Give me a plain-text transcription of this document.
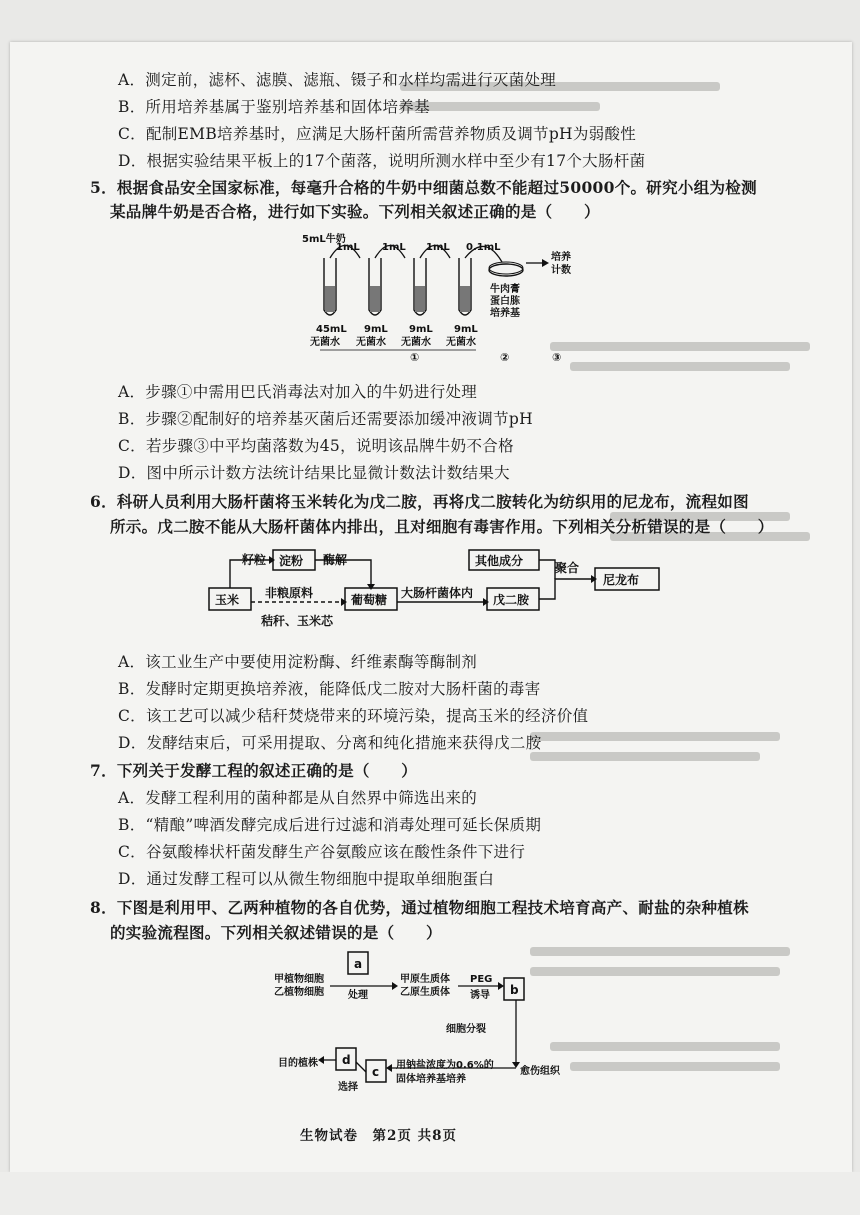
A．测定前，滤杯、滤膜、滤瓶、镊子和水样均需进行灭菌处理
B．所用培养基属于鉴别培养基和固体培养基
C．配制EMB培养基时，应满足大肠杆菌所需营养物质及调节pH为弱酸性
D．根据实验结果平板上的17个菌落，说明所测水样中至少有17个大肠杆菌
5．根据食品安全国家标准，每毫升合格的牛奶中细菌总数不能超过50000个。研究小组为检测
某品牌牛奶是否合格，进行如下实验。下列相关叙述正确的是（　　）
5mL牛奶
1mL 1mL 1mL 0.1mL
45mL 9mL 9mL 9mL
无菌水 无菌水 无菌水 无菌水
牛肉膏
蛋白胨
培养基
培养
计数
①	②	③
A．步骤①中需用巴氏消毒法对加入的牛奶进行处理
B．步骤②配制好的培养基灭菌后还需要添加缓冲液调节pH
C．若步骤③中平均菌落数为45，说明该品牌牛奶不合格
D．图中所示计数方法统计结果比显微计数法计数结果大
6．科研人员利用大肠杆菌将玉米转化为戊二胺，再将戊二胺转化为纺织用的尼龙布，流程如图
所示。戊二胺不能从大肠杆菌体内排出，且对细胞有毒害作用。下列相关分析错误的是（　　）
玉米
籽粒 淀粉 酶解
葡萄糖 大肠杆菌体内 戊二胺
其他成分	聚合
尼龙布
非粮原料
秸秆、玉米芯
A．该工业生产中要使用淀粉酶、纤维素酶等酶制剂
B．发酵时定期更换培养液，能降低戊二胺对大肠杆菌的毒害
C．该工艺可以减少秸秆焚烧带来的环境污染，提高玉米的经济价值
D．发酵结束后，可采用提取、分离和纯化措施来获得戊二胺
7．下列关于发酵工程的叙述正确的是（　　）
A．发酵工程利用的菌种都是从自然界中筛选出来的
B．“精酿”啤酒发酵完成后进行过滤和消毒处理可延长保质期
C．谷氨酸棒状杆菌发酵生产谷氨酸应该在酸性条件下进行
D．通过发酵工程可以从微生物细胞中提取单细胞蛋白
8．下图是利用甲、乙两种植物的各自优势，通过植物细胞工程技术培育高产、耐盐的杂种植株
的实验流程图。下列相关叙述错误的是（　　）
甲植物细胞
乙植物细胞
a
处理
甲原生质体
乙原生质体
PEG
诱导 b
细胞分裂
愈伤组织
用钠盐浓度为0.6%的
固体培养基培养
c
d
选择
目的植株
生物试卷　第2页 共8页
